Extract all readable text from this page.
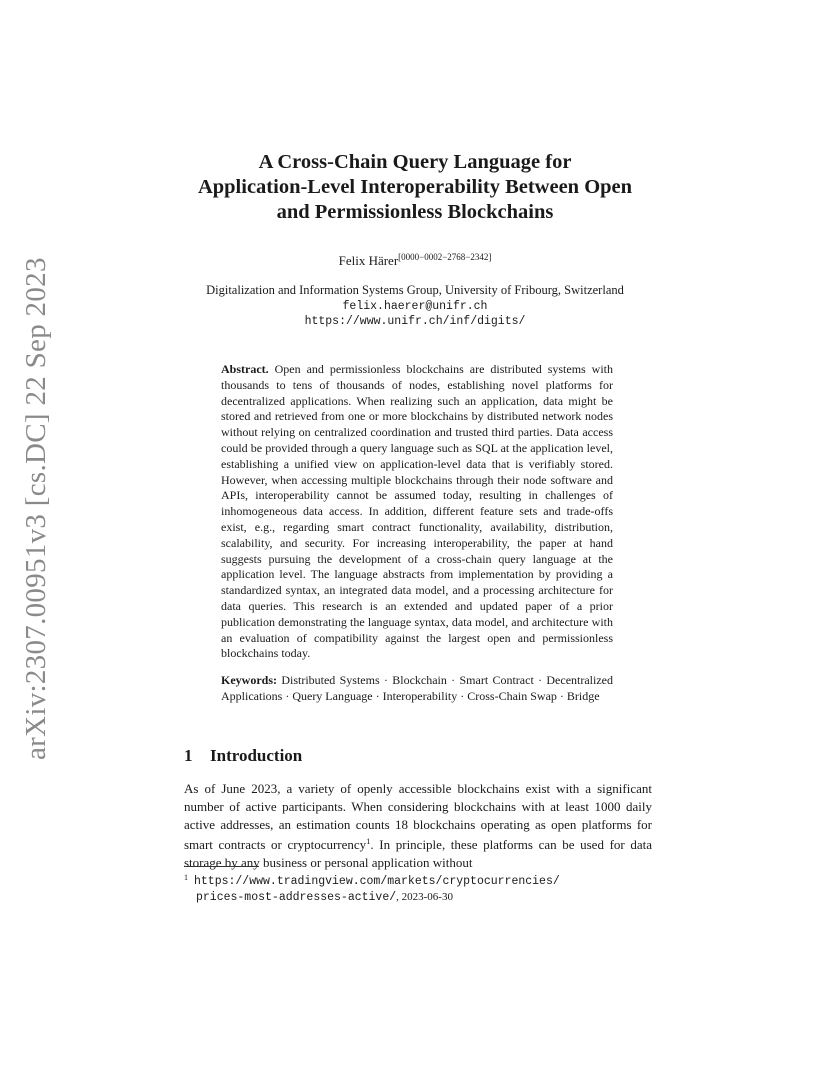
arXiv:2307.00951v3 [cs.DC] 22 Sep 2023
A Cross-Chain Query Language for
Application-Level Interoperability Between Open
and Permissionless Blockchains
Felix Härer[0000−0002−2768−2342]
Digitalization and Information Systems Group, University of Fribourg, Switzerland
felix.haerer@unifr.ch
https://www.unifr.ch/inf/digits/

Abstract. Open and permissionless blockchains are distributed systems with thousands to tens of thousands of nodes, establishing novel platforms for decentralized applications. When realizing such an application, data might be stored and retrieved from one or more blockchains by distributed network nodes without relying on centralized coordination and trusted third parties. Data access could be provided through a query language such as SQL at the application level, establishing a unified view on application-level data that is verifiably stored. However, when accessing multiple blockchains through their node software and APIs, interoperability cannot be assumed today, resulting in challenges of inhomogeneous data access. In addition, different feature sets and trade-offs exist, e.g., regarding smart contract functionality, availability, distribution, scalability, and security. For increasing interoperability, the paper at hand suggests pursuing the development of a cross-chain query language at the application level. The language abstracts from implementation by providing a standardized syntax, an integrated data model, and a processing architecture for data queries. This research is an extended and updated paper of a prior publication demonstrating the language syntax, data model, and architecture with an evaluation of compatibility against the largest open and permissionless blockchains today.

Keywords: Distributed Systems · Blockchain · Smart Contract · Decentralized Applications · Query Language · Interoperability · Cross-Chain Swap · Bridge

1 Introduction

As of June 2023, a variety of openly accessible blockchains exist with a significant number of active participants. When considering blockchains with at least 1000 daily active addresses, an estimation counts 18 blockchains operating as open platforms for smart contracts or cryptocurrency$^1$. In principle, these platforms can be used for data storage by any business or personal application without

$^1$ https://www.tradingview.com/markets/cryptocurrencies/
prices-most-addresses-active/, 2023-06-30
